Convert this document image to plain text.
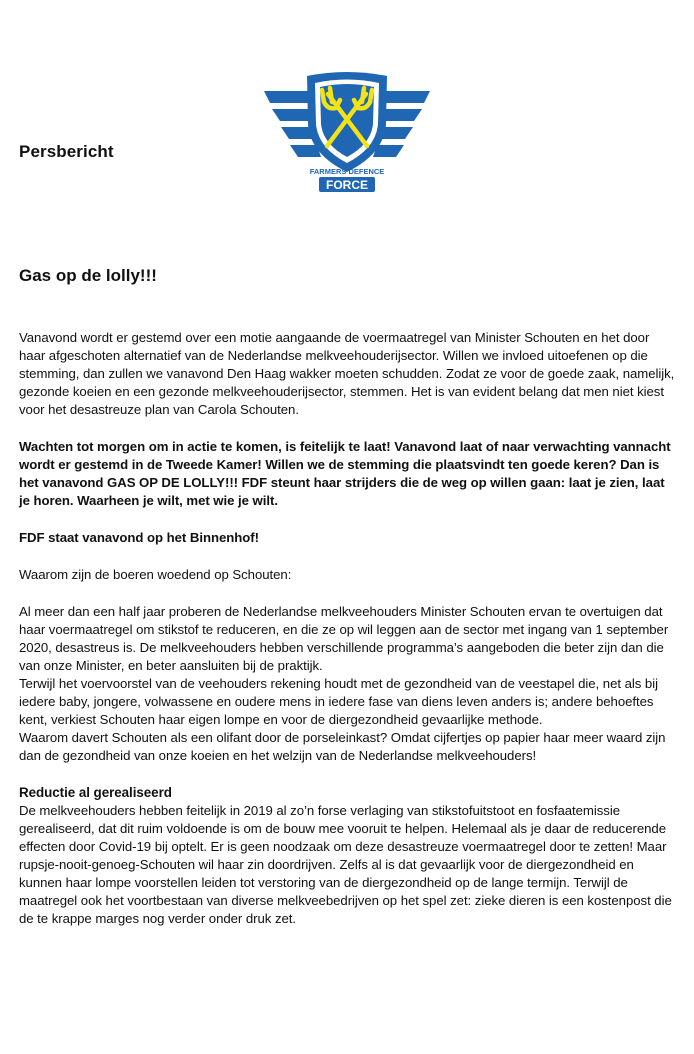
Persbericht
FARMERS DEFENCE
FORCE
Gas op de lolly!!!

Vanavond wordt er gestemd over een motie aangaande de voermaatregel van Minister Schouten en het door haar afgeschoten alternatief van de Nederlandse melkveehouderijsector. Willen we invloed uitoefenen op die stemming, dan zullen we vanavond Den Haag wakker moeten schudden. Zodat ze voor de goede zaak, namelijk, gezonde koeien en een gezonde melkveehouderijsector, stemmen. Het is van evident belang dat men niet kiest voor het desastreuze plan van Carola Schouten.

Wachten tot morgen om in actie te komen, is feitelijk te laat! Vanavond laat of naar verwachting vannacht wordt er gestemd in de Tweede Kamer! Willen we de stemming die plaatsvindt ten goede keren? Dan is het vanavond GAS OP DE LOLLY!!! FDF steunt haar strijders die de weg op willen gaan: laat je zien, laat je horen. Waarheen je wilt, met wie je wilt.

FDF staat vanavond op het Binnenhof!

Waarom zijn de boeren woedend op Schouten:

Al meer dan een half jaar proberen de Nederlandse melkveehouders Minister Schouten ervan te overtuigen dat haar voermaatregel om stikstof te reduceren, en die ze op wil leggen aan de sector met ingang van 1 september 2020, desastreus is. De melkveehouders hebben verschillende programma’s aangeboden die beter zijn dan die van onze Minister, en beter aansluiten bij de praktijk.

Terwijl het voervoorstel van de veehouders rekening houdt met de gezondheid van de veestapel die, net als bij iedere baby, jongere, volwassene en oudere mens in iedere fase van diens leven anders is; andere behoeftes kent, verkiest Schouten haar eigen lompe en voor de diergezondheid gevaarlijke methode.

Waarom davert Schouten als een olifant door de porseleinkast? Omdat cijfertjes op papier haar meer waard zijn dan de gezondheid van onze koeien en het welzijn van de Nederlandse melkveehouders!

Reductie al gerealiseerd

De melkveehouders hebben feitelijk in 2019 al zo’n forse verlaging van stikstofuitstoot en fosfaatemissie gerealiseerd, dat dit ruim voldoende is om de bouw mee vooruit te helpen. Helemaal als je daar de reducerende effecten door Covid-19 bij optelt. Er is geen noodzaak om deze desastreuze voermaatregel door te zetten! Maar rupsje-nooit-genoeg-Schouten wil haar zin doordrijven. Zelfs al is dat gevaarlijk voor de diergezondheid en kunnen haar lompe voorstellen leiden tot verstoring van de diergezondheid op de lange termijn. Terwijl de maatregel ook het voortbestaan van diverse melkveebedrijven op het spel zet: zieke dieren is een kostenpost die de te krappe marges nog verder onder druk zet.
